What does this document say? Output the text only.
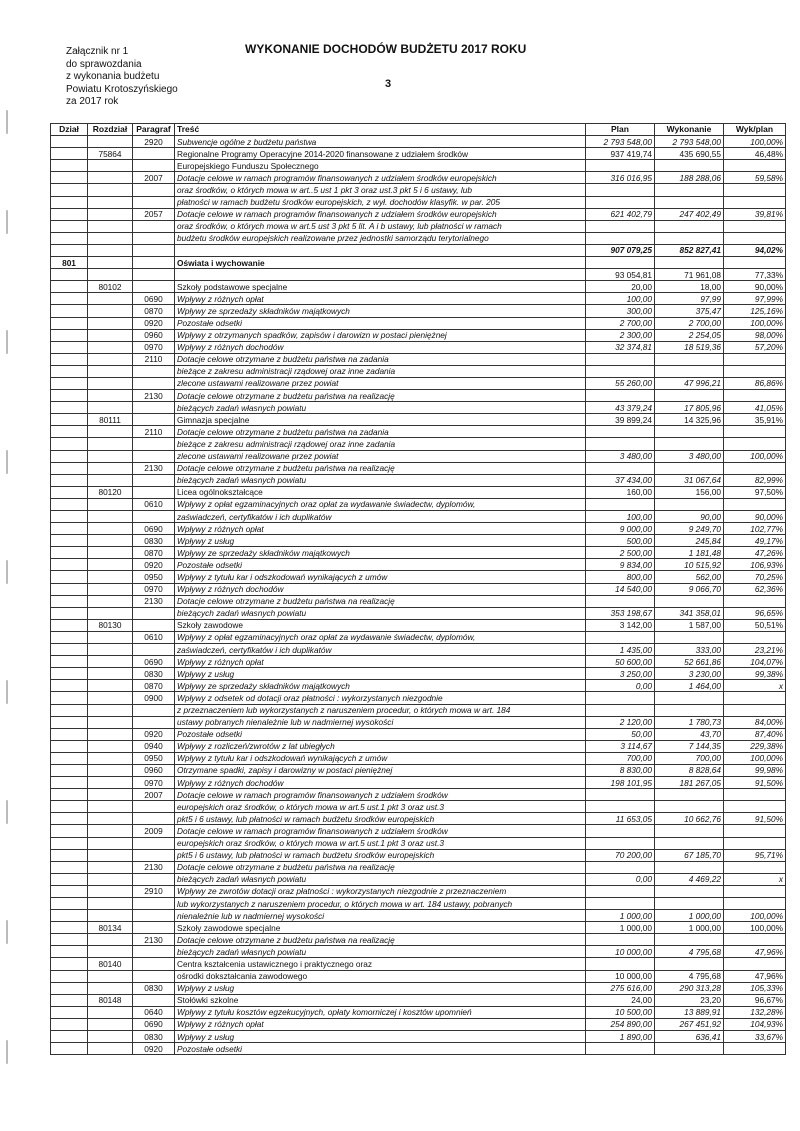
Załącznik nr 1
do sprawozdania
z wykonania budżetu
Powiatu Krotoszyńskiego
za 2017 rok
WYKONANIE DOCHODÓW BUDŻETU 2017 ROKU
3
Dział	Rozdział	Paragraf	Treść	Plan	Wykonanie	Wyk/plan
		2920	Subwencje ogólne z budżetu państwa	2 793 548,00	2 793 548,00	100,00%
	75864		Regionalne Programy Operacyjne 2014-2020 finansowane z udziałem środków	937 419,74	435 690,55	46,48%
			Europejskiego Funduszu Społecznego			
		2007	Dotacje celowe w ramach programów finansowanych z udziałem środków europejskich	316 016,95	188 288,06	59,58%
			oraz środków, o których mowa w art..5 ust 1 pkt 3 oraz ust.3 pkt 5 i 6 ustawy, lub			
			płatności w ramach budżetu środków europejskich, z wył. dochodów klasyfik. w par. 205			
		2057	Dotacje celowe w ramach programów finansowanych z udziałem środków europejskich	621 402,79	247 402,49	39,81%
			oraz środków, o których mowa w art.5 ust 3 pkt 5 lit. A i b ustawy, lub płatności w ramach			
			budżetu środków europejskich realizowane przez jednostki samorządu terytorialnego			
				907 079,25	852 827,41	94,02%
801			Oświata i wychowanie			
				93 054,81	71 961,08	77,33%
	80102		Szkoły podstawowe specjalne	20,00	18,00	90,00%
		0690	Wpływy z różnych opłat	100,00	97,99	97,99%
		0870	Wpływy ze sprzedaży składników majątkowych	300,00	375,47	125,16%
		0920	Pozostałe odsetki	2 700,00	2 700,00	100,00%
		0960	Wpływy z otrzymanych spadków, zapisów i darowizn w postaci pieniężnej	2 300,00	2 254,05	98,00%
		0970	Wpływy z różnych dochodów	32 374,81	18 519,36	57,20%
		2110	Dotacje celowe otrzymane z budżetu państwa na zadania			
			bieżące z zakresu administracji rządowej oraz inne zadania			
			zlecone ustawami realizowane przez powiat	55 260,00	47 996,21	86,86%
		2130	Dotacje celowe otrzymane z budżetu państwa na realizację			
			bieżących zadań własnych powiatu	43 379,24	17 805,96	41,05%
	80111		Gimnazja specjalne	39 899,24	14 325,96	35,91%
		2110	Dotacje celowe otrzymane z budżetu państwa na zadania			
			bieżące z zakresu administracji rządowej oraz inne zadania			
			zlecone ustawami realizowane przez powiat	3 480,00	3 480,00	100,00%
		2130	Dotacje celowe otrzymane z budżetu państwa na realizację			
			bieżących zadań własnych powiatu	37 434,00	31 067,64	82,99%
	80120		Licea ogólnokształcące	160,00	156,00	97,50%
		0610	Wpływy z opłat egzaminacyjnych oraz opłat za wydawanie świadectw, dyplomów,			
			zaświadczeń, certyfikatów i ich duplikatów	100,00	90,00	90,00%
		0690	Wpływy z różnych opłat	9 000,00	9 249,70	102,77%
		0830	Wpływy z usług	500,00	245,84	49,17%
		0870	Wpływy ze sprzedaży składników majątkowych	2 500,00	1 181,48	47,26%
		0920	Pozostałe odsetki	9 834,00	10 515,92	106,93%
		0950	Wpływy z tytułu kar i odszkodowań wynikających z umów	800,00	562,00	70,25%
		0970	Wpływy z różnych dochodów	14 540,00	9 066,70	62,36%
		2130	Dotacje celowe otrzymane z budżetu państwa na realizację			
			bieżących zadań własnych powiatu	353 198,67	341 358,01	96,65%
	80130		Szkoły zawodowe	3 142,00	1 587,00	50,51%
		0610	Wpływy z opłat egzaminacyjnych oraz opłat za wydawanie świadectw, dyplomów,			
			zaświadczeń, certyfikatów i ich duplikatów	1 435,00	333,00	23,21%
		0690	Wpływy z różnych opłat	50 600,00	52 661,86	104,07%
		0830	Wpływy z usług	3 250,00	3 230,00	99,38%
		0870	Wpływy ze sprzedaży składników majątkowych	0,00	1 464,00	x
		0900	Wpływy z odsetek od dotacji oraz płatności : wykorzystanych niezgodnie			
			z przeznaczeniem lub wykorzystanych z naruszeniem procedur, o których mowa w art. 184			
			ustawy pobranych nienależnie lub w nadmiernej wysokości	2 120,00	1 780,73	84,00%
		0920	Pozostałe odsetki	50,00	43,70	87,40%
		0940	Wpływy z rozliczeń/zwrotów z lat ubiegłych	3 114,67	7 144,35	229,38%
		0950	Wpływy z tytułu kar i odszkodowań wynikających z umów	700,00	700,00	100,00%
		0960	Otrzymane spadki, zapisy i darowizny w postaci pieniężnej	8 830,00	8 828,64	99,98%
		0970	Wpływy z różnych dochodów	198 101,95	181 267,05	91,50%
		2007	Dotacje celowe w ramach programów finansowanych z udziałem środków			
			europejskich oraz środków, o których mowa w art.5 ust.1 pkt 3 oraz ust.3			
			pkt5 i 6 ustawy, lub płatności w ramach budżetu środków europejskich	11 653,05	10 662,76	91,50%
		2009	Dotacje celowe w ramach programów finansowanych z udziałem środków			
			europejskich oraz środków, o których mowa w art.5 ust.1 pkt 3 oraz ust.3			
			pkt5 i 6 ustawy, lub płatności w ramach budżetu środków europejskich	70 200,00	67 185,70	95,71%
		2130	Dotacje celowe otrzymane z budżetu państwa na realizację			
			bieżących zadań własnych powiatu	0,00	4 469,22	x
		2910	Wpływy ze zwrotów dotacji oraz płatności : wykorzystanych niezgodnie z przeznaczeniem			
			lub wykorzystanych z naruszeniem procedur, o których mowa w art. 184 ustawy, pobranych			
			nienależnie lub w nadmiernej wysokości	1 000,00	1 000,00	100,00%
	80134		Szkoły zawodowe specjalne	1 000,00	1 000,00	100,00%
		2130	Dotacje celowe otrzymane z budżetu państwa na realizację			
			bieżących zadań własnych powiatu	10 000,00	4 795,68	47,96%
	80140		Centra kształcenia ustawicznego i praktycznego oraz			
			ośrodki dokształcania zawodowego	10 000,00	4 795,68	47,96%
		0830	Wpływy z usług	275 616,00	290 313,28	105,33%
	80148		Stołówki szkolne	24,00	23,20	96,67%
		0640	Wpływy z tytułu kosztów egzekucyjnych, opłaty komorniczej i kosztów upomnień	10 500,00	13 889,91	132,28%
		0690	Wpływy z różnych opłat	254 890,00	267 451,92	104,93%
		0830	Wpływy z usług	1 890,00	636,41	33,67%
		0920	Pozostałe odsetki			
